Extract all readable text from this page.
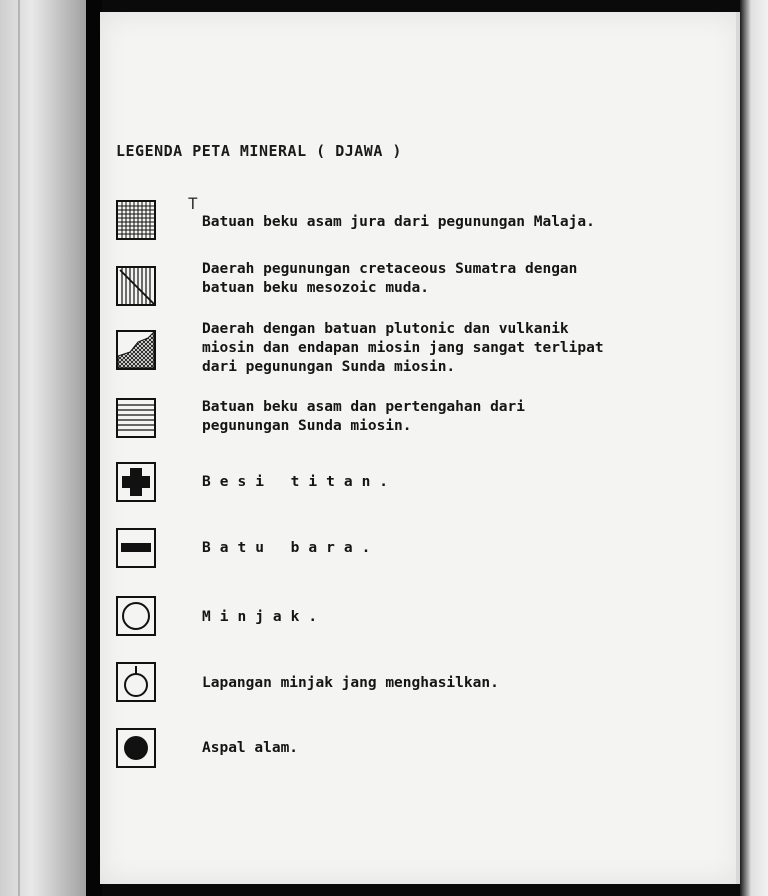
LEGENDA PETA MINERAL ( DJAWA )
T
Batuan beku asam jura dari pegunungan Malaja.
Daerah pegunungan cretaceous Sumatra dengan
batuan beku mesozoic muda.
Daerah dengan batuan plutonic dan vulkanik
miosin dan endapan miosin jang sangat terlipat
dari pegunungan Sunda miosin.
Batuan beku asam dan pertengahan dari
pegunungan Sunda miosin.
Besi titan.
Batu bara.
Minjak.
Lapangan minjak jang menghasilkan.
Aspal alam.
